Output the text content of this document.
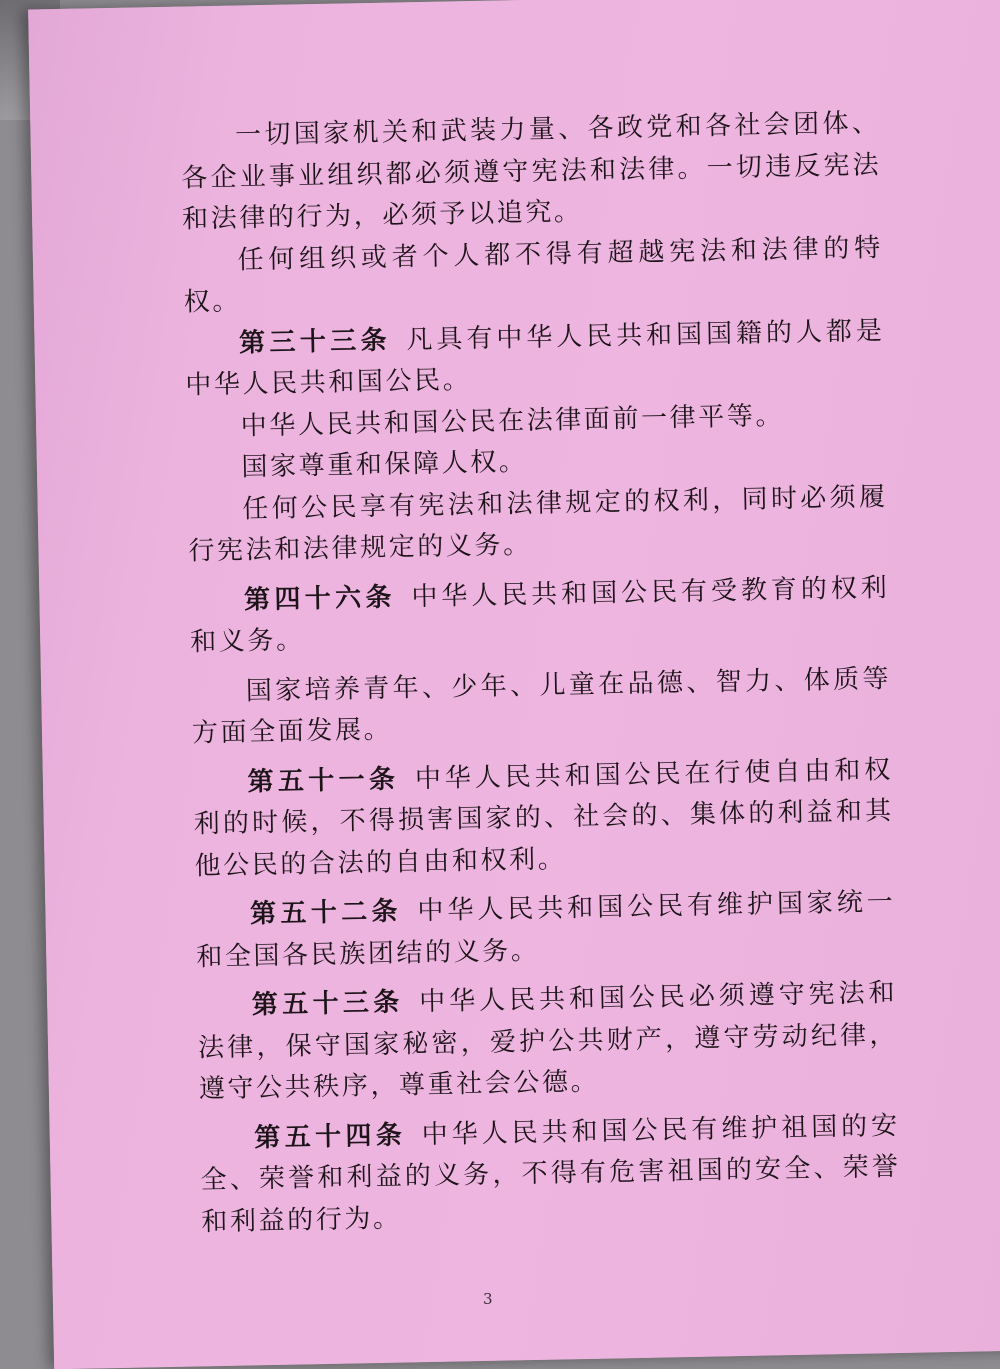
一切国家机关和武装力量、各政党和各社会团体、各企业事业组织都必须遵守宪法和法律。一切违反宪法和法律的行为，必须予以追究。

任何组织或者个人都不得有超越宪法和法律的特权。

第三十三条 凡具有中华人民共和国国籍的人都是中华人民共和国公民。

中华人民共和国公民在法律面前一律平等。

国家尊重和保障人权。

任何公民享有宪法和法律规定的权利，同时必须履行宪法和法律规定的义务。

第四十六条 中华人民共和国公民有受教育的权利和义务。

国家培养青年、少年、儿童在品德、智力、体质等方面全面发展。

第五十一条 中华人民共和国公民在行使自由和权利的时候，不得损害国家的、社会的、集体的利益和其他公民的合法的自由和权利。

第五十二条 中华人民共和国公民有维护国家统一和全国各民族团结的义务。

第五十三条 中华人民共和国公民必须遵守宪法和法律，保守国家秘密，爱护公共财产，遵守劳动纪律，遵守公共秩序，尊重社会公德。

第五十四条 中华人民共和国公民有维护祖国的安全、荣誉和利益的义务，不得有危害祖国的安全、荣誉和利益的行为。

3
